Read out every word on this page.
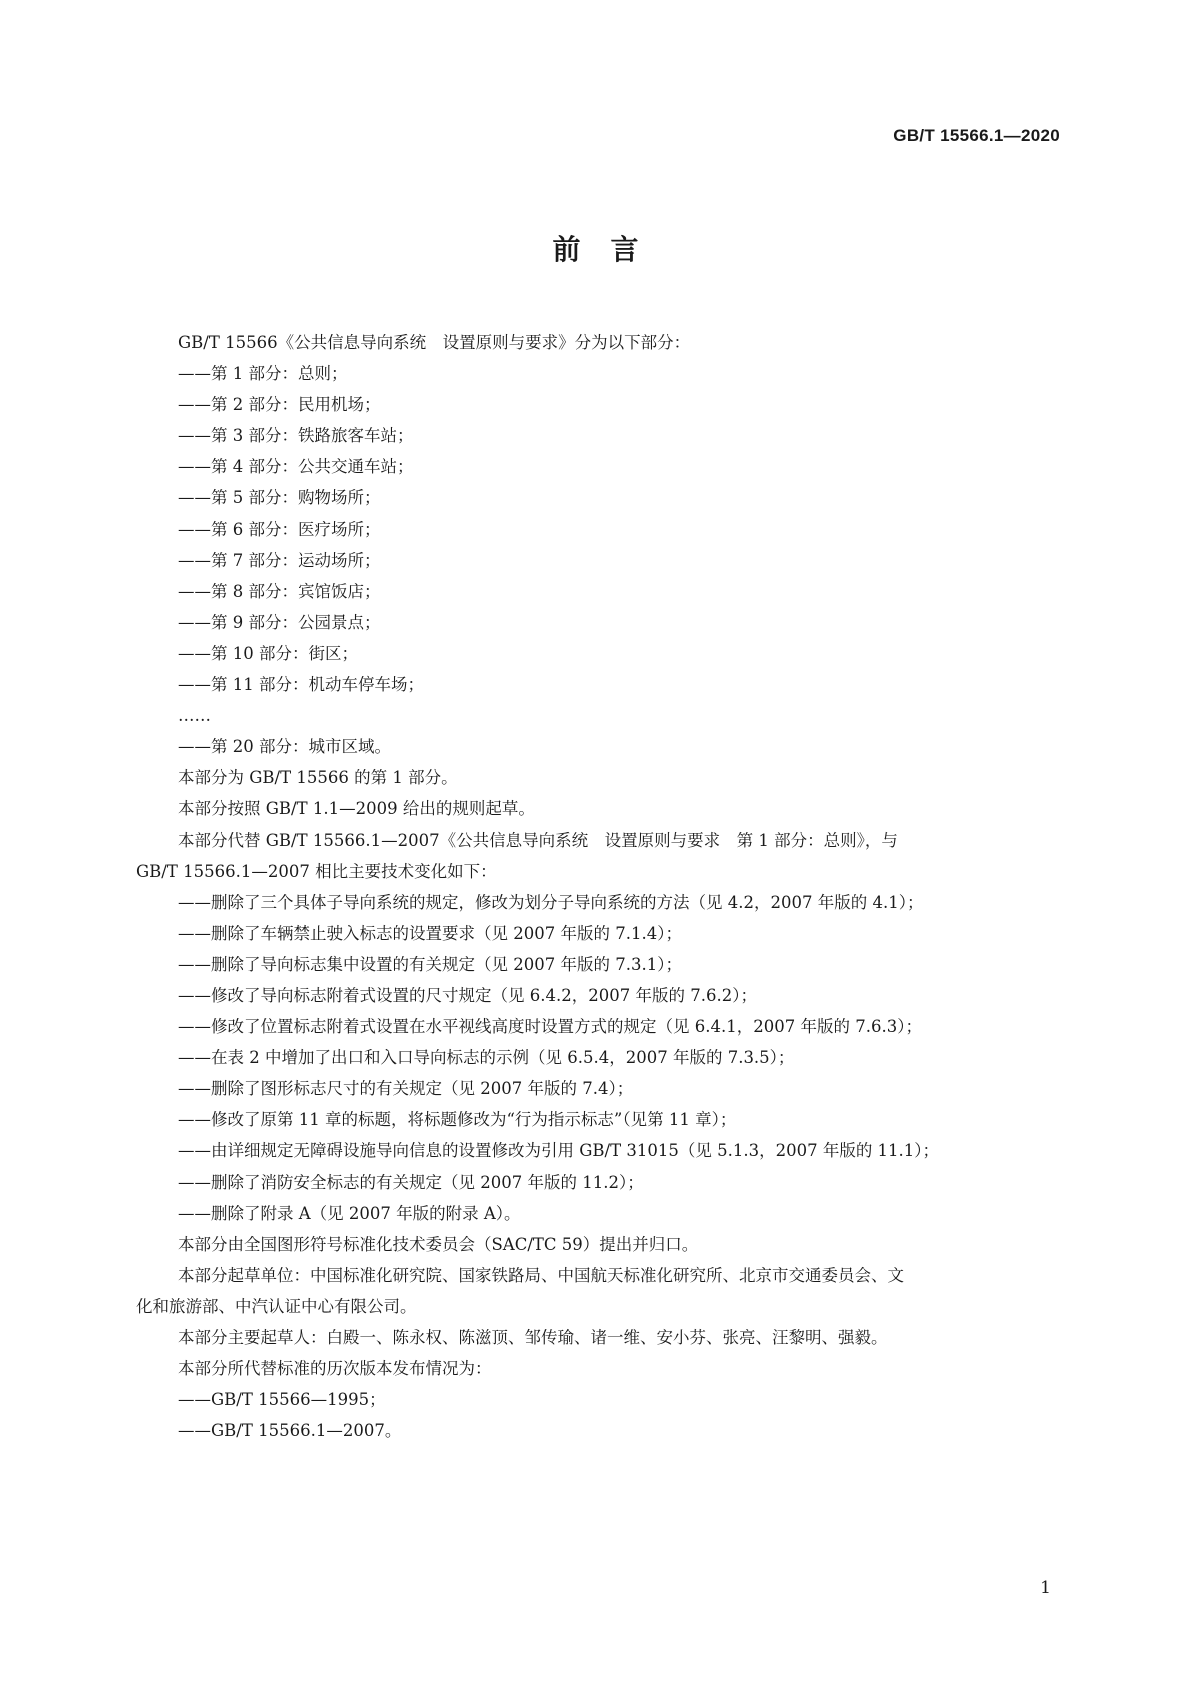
GB/T 15566.1—2020
前言
GB/T 15566《公共信息导向系统　设置原则与要求》分为以下部分：
——第 1 部分：总则；
——第 2 部分：民用机场；
——第 3 部分：铁路旅客车站；
——第 4 部分：公共交通车站；
——第 5 部分：购物场所；
——第 6 部分：医疗场所；
——第 7 部分：运动场所；
——第 8 部分：宾馆饭店；
——第 9 部分：公园景点；
——第 10 部分：街区；
——第 11 部分：机动车停车场；
……
——第 20 部分：城市区域。
本部分为 GB/T 15566 的第 1 部分。
本部分按照 GB/T 1.1—2009 给出的规则起草。
本部分代替 GB/T 15566.1—2007《公共信息导向系统　设置原则与要求　第 1 部分：总则》，与
GB/T 15566.1—2007 相比主要技术变化如下：
——删除了三个具体子导向系统的规定，修改为划分子导向系统的方法（见 4.2，2007 年版的 4.1）；
——删除了车辆禁止驶入标志的设置要求（见 2007 年版的 7.1.4）；
——删除了导向标志集中设置的有关规定（见 2007 年版的 7.3.1）；
——修改了导向标志附着式设置的尺寸规定（见 6.4.2，2007 年版的 7.6.2）；
——修改了位置标志附着式设置在水平视线高度时设置方式的规定（见 6.4.1，2007 年版的 7.6.3）；
——在表 2 中增加了出口和入口导向标志的示例（见 6.5.4，2007 年版的 7.3.5）；
——删除了图形标志尺寸的有关规定（见 2007 年版的 7.4）；
——修改了原第 11 章的标题，将标题修改为“行为指示标志”（见第 11 章）；
——由详细规定无障碍设施导向信息的设置修改为引用 GB/T 31015（见 5.1.3，2007 年版的 11.1）；
——删除了消防安全标志的有关规定（见 2007 年版的 11.2）；
——删除了附录 A（见 2007 年版的附录 A）。
本部分由全国图形符号标准化技术委员会（SAC/TC 59）提出并归口。
本部分起草单位：中国标准化研究院、国家铁路局、中国航天标准化研究所、北京市交通委员会、文
化和旅游部、中汽认证中心有限公司。
本部分主要起草人：白殿一、陈永权、陈滋顶、邹传瑜、诸一维、安小芬、张亮、汪黎明、强毅。
本部分所代替标准的历次版本发布情况为：
——GB/T 15566—1995；
——GB/T 15566.1—2007。
1
